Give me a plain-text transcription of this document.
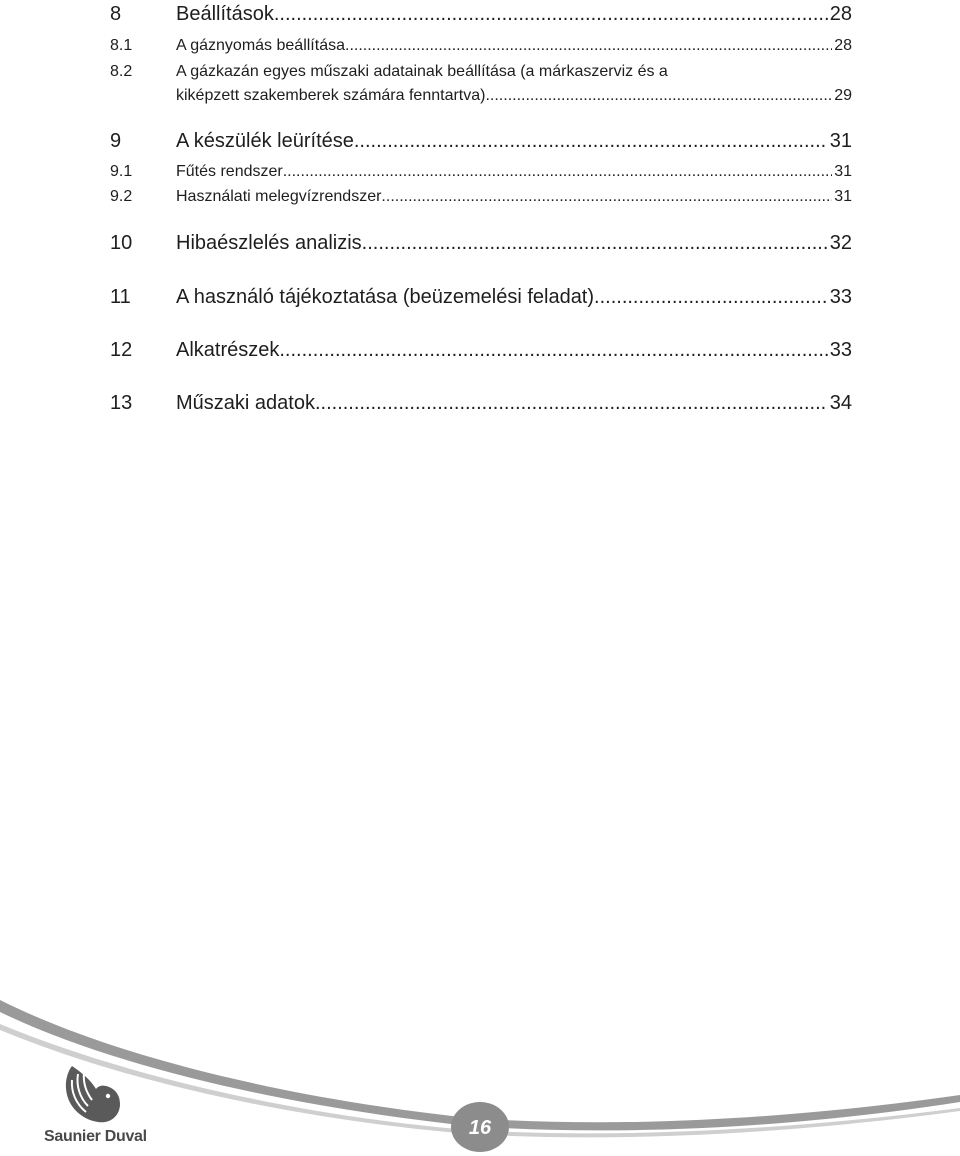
8	Beállítások .....	28
8.1	A gáznyomás beállítása .....	28
8.2	A gázkazán egyes műszaki adatainak beállítása (a márkaszerviz és a
kiképzett szakemberek számára fenntartva) .....	29
9	A készülék leürítése .....	31
9.1	Fűtés rendszer .....	31
9.2	Használati melegvízrendszer .....	31
10 Hibaészlelés analizis .....	32
11 A használó tájékoztatása (beüzemelési feladat) .....	33
12 Alkatrészek .....	33
13 Műszaki adatok .....	34
16
Saunier Duval
